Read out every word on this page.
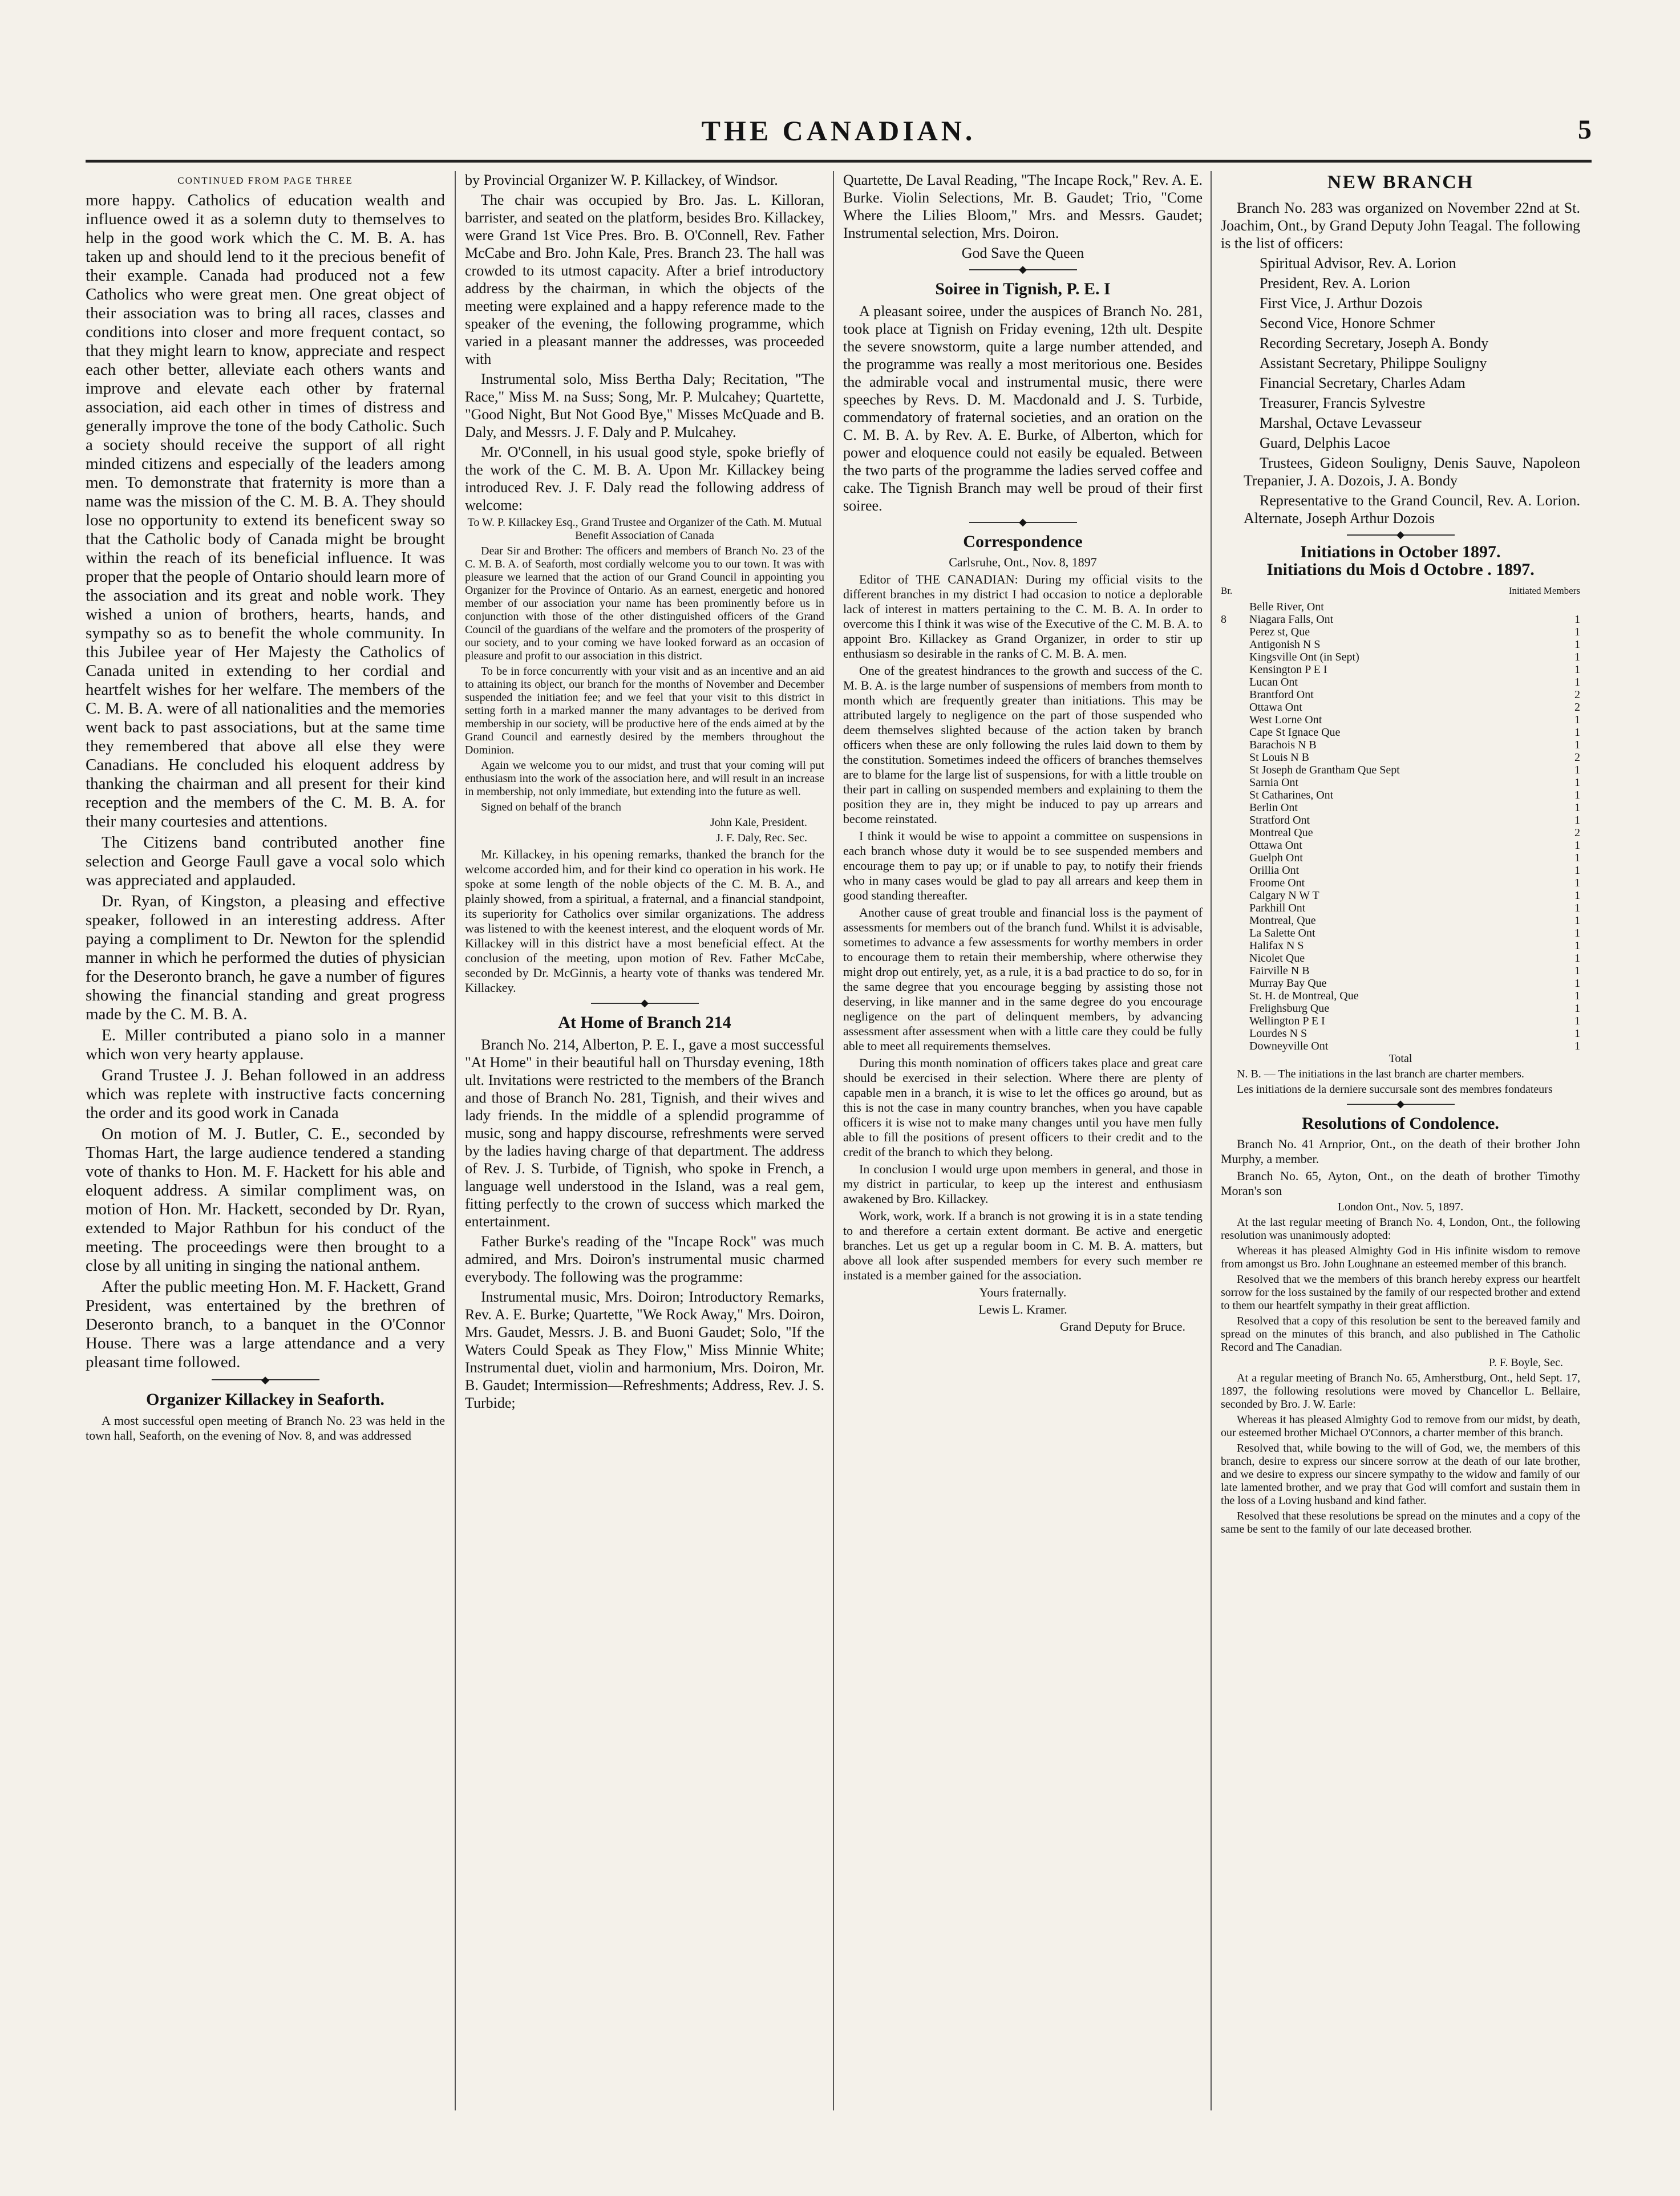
THE CANADIAN.	5
CONTINUED FROM PAGE THREE

more happy. Catholics of education wealth and influence owed it as a solemn duty to themselves to help in the good work which the C. M. B. A. has taken up and should lend to it the precious benefit of their example. Canada had produced not a few Catholics who were great men. One great object of their association was to bring all races, classes and conditions into closer and more frequent contact, so that they might learn to know, appreciate and respect each other better, alleviate each others wants and improve and elevate each other by fraternal association, aid each other in times of distress and generally improve the tone of the body Catholic. Such a society should receive the support of all right minded citizens and especially of the leaders among men. To demonstrate that fraternity is more than a name was the mission of the C. M. B. A. They should lose no opportunity to extend its beneficent sway so that the Catholic body of Canada might be brought within the reach of its beneficial influence. It was proper that the people of Ontario should learn more of the association and its great and noble work. They wished a union of brothers, hearts, hands, and sympathy so as to benefit the whole community. In this Jubilee year of Her Majesty the Catholics of Canada united in extending to her cordial and heartfelt wishes for her welfare. The members of the C. M. B. A. were of all nationalities and the memories went back to past associations, but at the same time they remembered that above all else they were Canadians. He concluded his eloquent address by thanking the chairman and all present for their kind reception and the members of the C. M. B. A. for their many courtesies and attentions.

The Citizens band contributed another fine selection and George Faull gave a vocal solo which was appreciated and applauded.

Dr. Ryan, of Kingston, a pleasing and effective speaker, followed in an interesting address. After paying a compliment to Dr. Newton for the splendid manner in which he performed the duties of physician for the Deseronto branch, he gave a number of figures showing the financial standing and great progress made by the C. M. B. A.

E. Miller contributed a piano solo in a manner which won very hearty applause.

Grand Trustee J. J. Behan followed in an address which was replete with instructive facts concerning the order and its good work in Canada

On motion of M. J. Butler, C. E., seconded by Thomas Hart, the large audience tendered a standing vote of thanks to Hon. M. F. Hackett for his able and eloquent address. A similar compliment was, on motion of Hon. Mr. Hackett, seconded by Dr. Ryan, extended to Major Rathbun for his conduct of the meeting. The proceedings were then brought to a close by all uniting in singing the national anthem.

After the public meeting Hon. M. F. Hackett, Grand President, was entertained by the brethren of Deseronto branch, to a banquet in the O'Connor House. There was a large attendance and a very pleasant time followed.

◆
Organizer Killackey in Seaforth.

A most successful open meeting of Branch No. 23 was held in the town hall, Seaforth, on the evening of Nov. 8, and was addressed

by Provincial Organizer W. P. Killackey, of Windsor.

The chair was occupied by Bro. Jas. L. Killoran, barrister, and seated on the platform, besides Bro. Killackey, were Grand 1st Vice Pres. Bro. B. O'Connell, Rev. Father McCabe and Bro. John Kale, Pres. Branch 23. The hall was crowded to its utmost capacity. After a brief introductory address by the chairman, in which the objects of the meeting were explained and a happy reference made to the speaker of the evening, the following programme, which varied in a pleasant manner the addresses, was proceeded with

Instrumental solo, Miss Bertha Daly; Recitation, "The Race," Miss M. na Suss; Song, Mr. P. Mulcahey; Quartette, "Good Night, But Not Good Bye," Misses McQuade and B. Daly, and Messrs. J. F. Daly and P. Mulcahey.

Mr. O'Connell, in his usual good style, spoke briefly of the work of the C. M. B. A. Upon Mr. Killackey being introduced Rev. J. F. Daly read the following address of welcome:

To W. P. Killackey Esq., Grand Trustee and Organizer of the Cath. M. Mutual Benefit Association of Canada

Dear Sir and Brother: The officers and members of Branch No. 23 of the C. M. B. A. of Seaforth, most cordially welcome you to our town. It was with pleasure we learned that the action of our Grand Council in appointing you Organizer for the Province of Ontario. As an earnest, energetic and honored member of our association your name has been prominently before us in conjunction with those of the other distinguished officers of the Grand Council of the guardians of the welfare and the promoters of the prosperity of our society, and to your coming we have looked forward as an occasion of pleasure and profit to our association in this district.

To be in force concurrently with your visit and as an incentive and an aid to attaining its object, our branch for the months of November and December suspended the initiation fee; and we feel that your visit to this district in setting forth in a marked manner the many advantages to be derived from membership in our society, will be productive here of the ends aimed at by the Grand Council and earnestly desired by the members throughout the Dominion.

Again we welcome you to our midst, and trust that your coming will put enthusiasm into the work of the association here, and will result in an increase in membership, not only immediate, but extending into the future as well.

Signed on behalf of the branch

John Kale, President.

J. F. Daly, Rec. Sec.

Mr. Killackey, in his opening remarks, thanked the branch for the welcome accorded him, and for their kind co operation in his work. He spoke at some length of the noble objects of the C. M. B. A., and plainly showed, from a spiritual, a fraternal, and a financial standpoint, its superiority for Catholics over similar organizations. The address was listened to with the keenest interest, and the eloquent words of Mr. Killackey will in this district have a most beneficial effect. At the conclusion of the meeting, upon motion of Rev. Father McCabe, seconded by Dr. McGinnis, a hearty vote of thanks was tendered Mr. Killackey.

◆
At Home of Branch 214

Branch No. 214, Alberton, P. E. I., gave a most successful "At Home" in their beautiful hall on Thursday evening, 18th ult. Invitations were restricted to the members of the Branch and those of Branch No. 281, Tignish, and their wives and lady friends. In the middle of a splendid programme of music, song and happy discourse, refreshments were served by the ladies having charge of that department. The address of Rev. J. S. Turbide, of Tignish, who spoke in French, a language well understood in the Island, was a real gem, fitting perfectly to the crown of success which marked the entertainment.

Father Burke's reading of the "Incape Rock" was much admired, and Mrs. Doiron's instrumental music charmed everybody. The following was the programme:

Instrumental music, Mrs. Doiron; Introductory Remarks, Rev. A. E. Burke; Quartette, "We Rock Away," Mrs. Doiron, Mrs. Gaudet, Messrs. J. B. and Buoni Gaudet; Solo, "If the Waters Could Speak as They Flow," Miss Minnie White; Instrumental duet, violin and harmonium, Mrs. Doiron, Mr. B. Gaudet; Intermission—Refreshments; Address, Rev. J. S. Turbide;

Quartette, De Laval Reading, "The Incape Rock," Rev. A. E. Burke. Violin Selections, Mr. B. Gaudet; Trio, "Come Where the Lilies Bloom," Mrs. and Messrs. Gaudet; Instrumental selection, Mrs. Doiron.

God Save the Queen

◆
Soiree in Tignish, P. E. I

A pleasant soiree, under the auspices of Branch No. 281, took place at Tignish on Friday evening, 12th ult. Despite the severe snowstorm, quite a large number attended, and the programme was really a most meritorious one. Besides the admirable vocal and instrumental music, there were speeches by Revs. D. M. Macdonald and J. S. Turbide, commendatory of fraternal societies, and an oration on the C. M. B. A. by Rev. A. E. Burke, of Alberton, which for power and eloquence could not easily be equaled. Between the two parts of the programme the ladies served coffee and cake. The Tignish Branch may well be proud of their first soiree.

◆
Correspondence

Carlsruhe, Ont., Nov. 8, 1897

Editor of THE CANADIAN: During my official visits to the different branches in my district I had occasion to notice a deplorable lack of interest in matters pertaining to the C. M. B. A. In order to overcome this I think it was wise of the Executive of the C. M. B. A. to appoint Bro. Killackey as Grand Organizer, in order to stir up enthusiasm so desirable in the ranks of C. M. B. A. men.

One of the greatest hindrances to the growth and success of the C. M. B. A. is the large number of suspensions of members from month to month which are frequently greater than initiations. This may be attributed largely to negligence on the part of those suspended who deem themselves slighted because of the action taken by branch officers when these are only following the rules laid down to them by the constitution. Sometimes indeed the officers of branches themselves are to blame for the large list of suspensions, for with a little trouble on their part in calling on suspended members and explaining to them the position they are in, they might be induced to pay up arrears and become reinstated.

I think it would be wise to appoint a committee on suspensions in each branch whose duty it would be to see suspended members and encourage them to pay up; or if unable to pay, to notify their friends who in many cases would be glad to pay all arrears and keep them in good standing thereafter.

Another cause of great trouble and financial loss is the payment of assessments for members out of the branch fund. Whilst it is advisable, sometimes to advance a few assessments for worthy members in order to encourage them to retain their membership, where otherwise they might drop out entirely, yet, as a rule, it is a bad practice to do so, for in the same degree that you encourage begging by assisting those not deserving, in like manner and in the same degree do you encourage negligence on the part of delinquent members, by advancing assessment after assessment when with a little care they could be fully able to meet all requirements themselves.

During this month nomination of officers takes place and great care should be exercised in their selection. Where there are plenty of capable men in a branch, it is wise to let the offices go around, but as this is not the case in many country branches, when you have capable officers it is wise not to make many changes until you have men fully able to fill the positions of present officers to their credit and to the credit of the branch to which they belong.

In conclusion I would urge upon members in general, and those in my district in particular, to keep up the interest and enthusiasm awakened by Bro. Killackey.

Work, work, work. If a branch is not growing it is in a state tending to and therefore a certain extent dormant. Be active and energetic branches. Let us get up a regular boom in C. M. B. A. matters, but above all look after suspended members for every such member re instated is a member gained for the association.

Yours fraternally.

Lewis L. Kramer.

Grand Deputy for Bruce.

NEW BRANCH

Branch No. 283 was organized on November 22nd at St. Joachim, Ont., by Grand Deputy John Teagal. The following is the list of officers:

Spiritual Advisor, Rev. A. Lorion

President, Rev. A. Lorion

First Vice, J. Arthur Dozois

Second Vice, Honore Schmer

Recording Secretary, Joseph A. Bondy

Assistant Secretary, Philippe Souligny

Financial Secretary, Charles Adam

Treasurer, Francis Sylvestre

Marshal, Octave Levasseur

Guard, Delphis Lacoe

Trustees, Gideon Souligny, Denis Sauve, Napoleon Trepanier, J. A. Dozois, J. A. Bondy

Representative to the Grand Council, Rev. A. Lorion. Alternate, Joseph Arthur Dozois

◆
Initiations in October 1897.
Initiations du Mois d Octobre . 1897.
Br.	Initiated Members
	Belle River, Ont	
8	Niagara Falls, Ont	1
	Perez st, Que	1
	Antigonish N S	1
	Kingsville Ont (in Sept)	1
	Kensington P E I	1
	Lucan Ont	1
	Brantford Ont	2
	Ottawa Ont	2
	West Lorne Ont	1
	Cape St Ignace Que	1
	Barachois N B	1
	St Louis N B	2
	St Joseph de Grantham Que Sept	1
	Sarnia Ont	1
	St Catharines, Ont	1
	Berlin Ont	1
	Stratford Ont	1
	Montreal Que	2
	Ottawa Ont	1
	Guelph Ont	1
	Orillia Ont	1
	Froome Ont	1
	Calgary N W T	1
	Parkhill Ont	1
	Montreal, Que	1
	La Salette Ont	1
	Halifax N S	1
	Nicolet Que	1
	Fairville N B	1
	Murray Bay Que	1
	St. H. de Montreal, Que	1
	Frelighsburg Que	1
	Wellington P E I	1
	Lourdes N S	1
	Downeyville Ont	1

Total

N. B. — The initiations in the last branch are charter members.

Les initiations de la derniere succursale sont des membres fondateurs

◆
Resolutions of Condolence.

Branch No. 41 Arnprior, Ont., on the death of their brother John Murphy, a member.

Branch No. 65, Ayton, Ont., on the death of brother Timothy Moran's son

London Ont., Nov. 5, 1897.

At the last regular meeting of Branch No. 4, London, Ont., the following resolution was unanimously adopted:

Whereas it has pleased Almighty God in His infinite wisdom to remove from amongst us Bro. John Loughnane an esteemed member of this branch.

Resolved that we the members of this branch hereby express our heartfelt sorrow for the loss sustained by the family of our respected brother and extend to them our heartfelt sympathy in their great affliction.

Resolved that a copy of this resolution be sent to the bereaved family and spread on the minutes of this branch, and also published in The Catholic Record and The Canadian.

P. F. Boyle, Sec.

At a regular meeting of Branch No. 65, Amherstburg, Ont., held Sept. 17, 1897, the following resolutions were moved by Chancellor L. Bellaire, seconded by Bro. J. W. Earle:

Whereas it has pleased Almighty God to remove from our midst, by death, our esteemed brother Michael O'Connors, a charter member of this branch.

Resolved that, while bowing to the will of God, we, the members of this branch, desire to express our sincere sorrow at the death of our late brother, and we desire to express our sincere sympathy to the widow and family of our late lamented brother, and we pray that God will comfort and sustain them in the loss of a Loving husband and kind father.

Resolved that these resolutions be spread on the minutes and a copy of the same be sent to the family of our late deceased brother.
